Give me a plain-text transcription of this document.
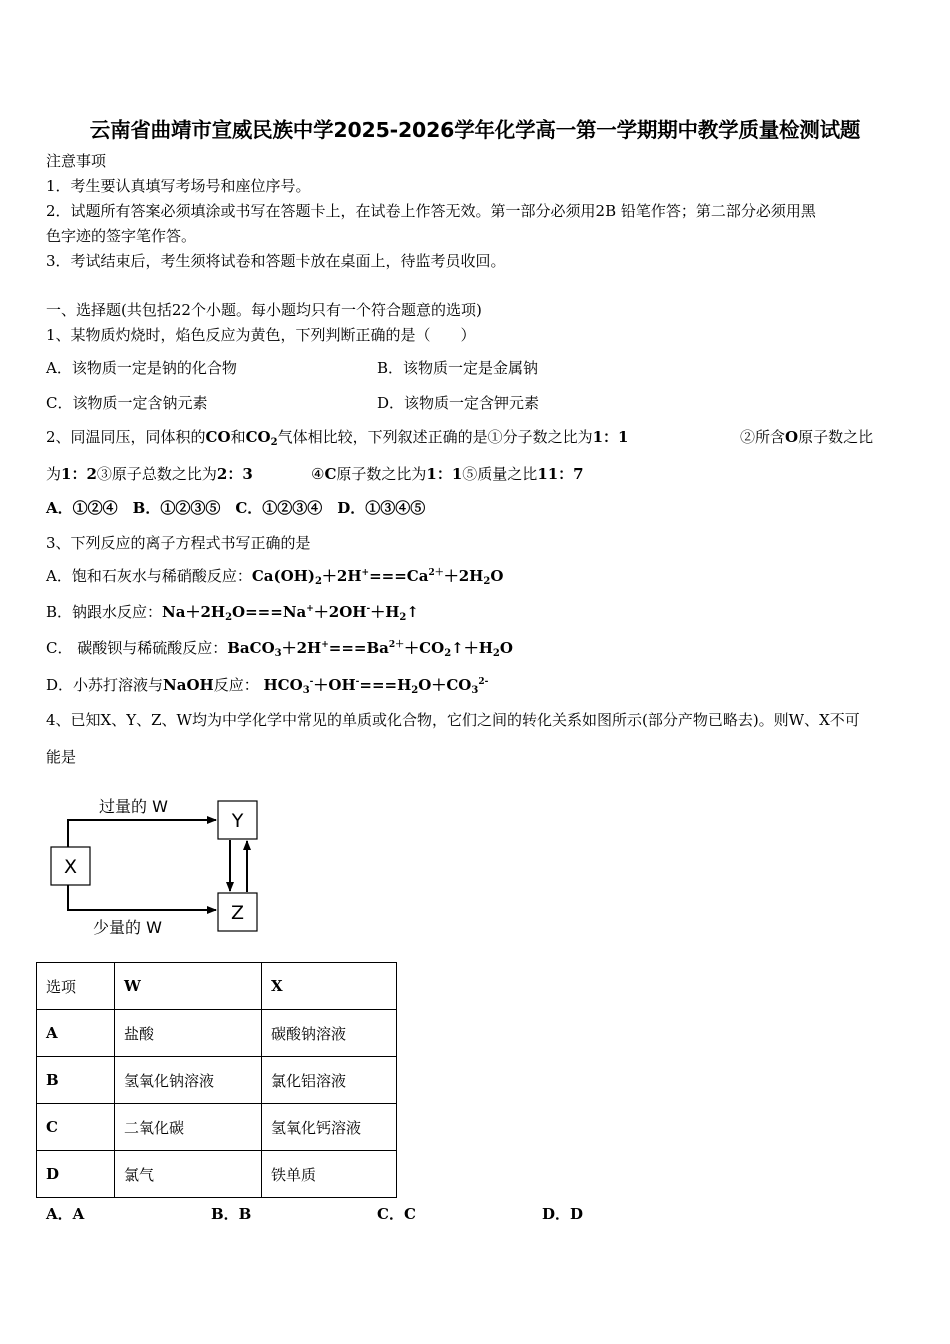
云南省曲靖市宣威民族中学2025-2026学年化学高一第一学期期中教学质量检测试题
注意事项
1．考生要认真填写考场号和座位序号。
2．试题所有答案必须填涂或书写在答题卡上，在试卷上作答无效。第一部分必须用2B 铅笔作答；第二部分必须用黑
色字迹的签字笔作答。
3．考试结束后，考生须将试卷和答题卡放在桌面上，待监考员收回。
一、选择题(共包括22个小题。每小题均只有一个符合题意的选项)
1、某物质灼烧时，焰色反应为黄色，下列判断正确的是（　　）
A．该物质一定是钠的化合物	B．该物质一定是金属钠
C．该物质一定含钠元素	D．该物质一定含钾元素
2、同温同压，同体积的CO和$CO_2$气体相比较，下列叙述正确的是①分子数之比为1：1	②所含O原子数之比
为1：2③原子总数之比为2：3	④C原子数之比为1：1⑤质量之比11：7
A．①②④　B．①②③⑤　C．①②③④　D．①③④⑤
3、下列反应的离子方程式书写正确的是
A．饱和石灰水与稀硝酸反应：$Ca(OH)_2+2H^+===Ca^{2+}+2H_2O$
B．钠跟水反应：$Na+2H_2O===Na^++2OH^-+H_2↑$
C． 碳酸钡与稀硫酸反应：$BaCO_3+2H^+===Ba^{2+}+CO_2↑+H_2O$
D．小苏打溶液与NaOH反应： $HCO_3^-+OH^-===H_2O+CO_3^{2-}$
4、已知X、Y、Z、W均为中学化学中常见的单质或化合物，它们之间的转化关系如图所示(部分产物已略去)。则W、X不可
能是
过量的 W
少量的 W
X
Y
Z
选项	W	X
A	盐酸	碳酸钠溶液
B	氢氧化钠溶液	氯化铝溶液
C	二氧化碳	氢氧化钙溶液
D	氯气	铁单质
A．A	B．B	C．C	D．D
